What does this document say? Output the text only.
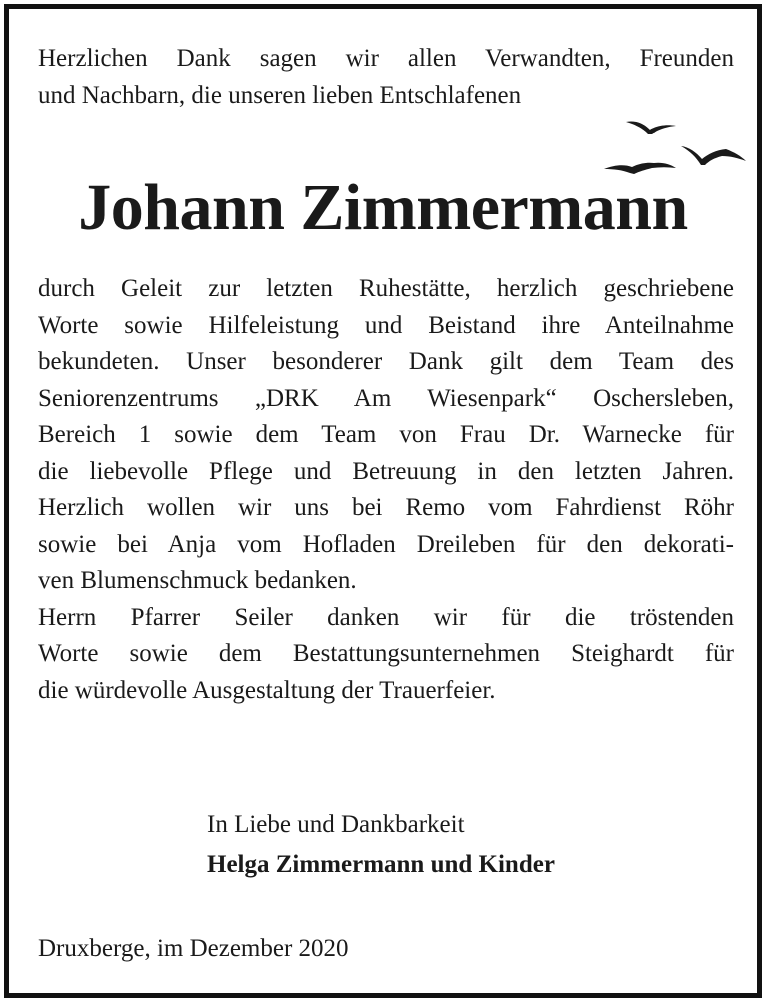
Herzlichen Dank sagen wir allen Verwandten, Freunden
und Nachbarn, die unseren lieben Entschlafenen

Johann Zimmermann

durch Geleit zur letzten Ruhestätte, herzlich geschriebene
Worte sowie Hilfeleistung und Beistand ihre Anteilnahme
bekundeten. Unser besonderer Dank gilt dem Team des
Seniorenzentrums „DRK Am Wiesenpark“ Oschersleben,
Bereich 1 sowie dem Team von Frau Dr. Warnecke für
die liebevolle Pflege und Betreuung in den letzten Jahren.
Herzlich wollen wir uns bei Remo vom Fahrdienst Röhr
sowie bei Anja vom Hofladen Dreileben für den dekorati-
ven Blumenschmuck bedanken.
Herrn Pfarrer Seiler danken wir für die tröstenden
Worte sowie dem Bestattungsunternehmen Steighardt für
die würdevolle Ausgestaltung der Trauerfeier.

In Liebe und Dankbarkeit
Helga Zimmermann und Kinder

Druxberge, im Dezember 2020
